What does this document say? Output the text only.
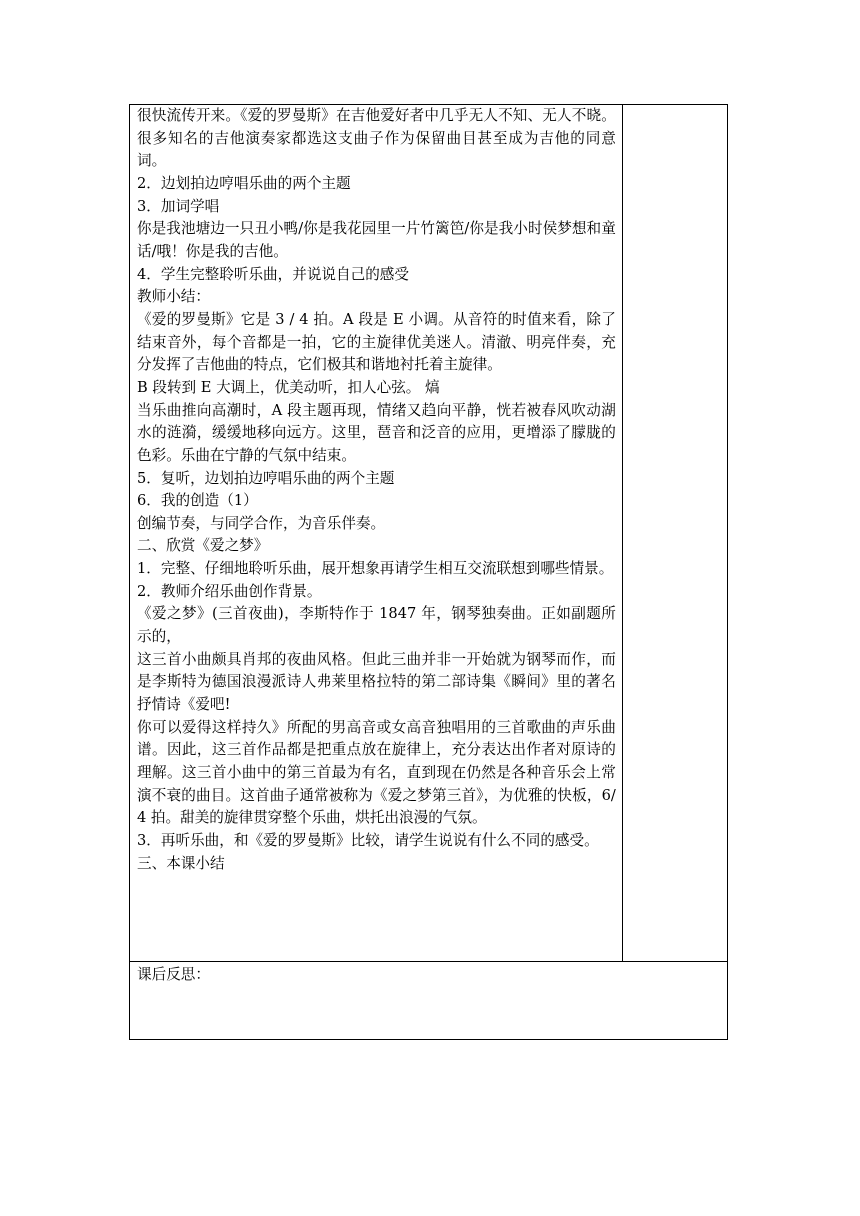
很快流传开来。《爱的罗曼斯》在吉他爱好者中几乎无人不知、无人不晓。很多知名的吉他演奏家都选这支曲子作为保留曲目甚至成为吉他的同意词。

2．边划拍边哼唱乐曲的两个主题

3．加词学唱

你是我池塘边一只丑小鸭/你是我花园里一片竹篱笆/你是我小时侯梦想和童话/哦！你是我的吉他。

4．学生完整聆听乐曲，并说说自己的感受

教师小结：

《爱的罗曼斯》它是 3 / 4 拍。A 段是 E 小调。从音符的时值来看，除了结束音外，每个音都是一拍，它的主旋律优美迷人。清澈、明亮伴奏，充分发挥了吉他曲的特点，它们极其和谐地衬托着主旋律。

B 段转到 E 大调上，优美动听，扣人心弦。 熇

当乐曲推向高潮时，A 段主题再现，情绪又趋向平静，恍若被春风吹动湖水的涟漪，缓缓地移向远方。这里，琶音和泛音的应用，更增添了朦胧的色彩。乐曲在宁静的气氛中结束。

5．复听，边划拍边哼唱乐曲的两个主题

6．我的创造（1）

创编节奏，与同学合作，为音乐伴奏。

二、欣赏《爱之梦》

1．完整、仔细地聆听乐曲，展开想象再请学生相互交流联想到哪些情景。

2．教师介绍乐曲创作背景。

《爱之梦》(三首夜曲)，李斯特作于 1847 年，钢琴独奏曲。正如副题所示的，

这三首小曲颇具肖邦的夜曲风格。但此三曲并非一开始就为钢琴而作，而是李斯特为德国浪漫派诗人弗莱里格拉特的第二部诗集《瞬间》里的著名抒情诗《爱吧!

你可以爱得这样持久》所配的男高音或女高音独唱用的三首歌曲的声乐曲谱。因此，这三首作品都是把重点放在旋律上，充分表达出作者对原诗的理解。这三首小曲中的第三首最为有名，直到现在仍然是各种音乐会上常演不衰的曲目。这首曲子通常被称为《爱之梦第三首》，为优雅的快板，6/4 拍。甜美的旋律贯穿整个乐曲，烘托出浪漫的气氛。

3．再听乐曲，和《爱的罗曼斯》比较，请学生说说有什么不同的感受。

三、本课小结

课后反思：
